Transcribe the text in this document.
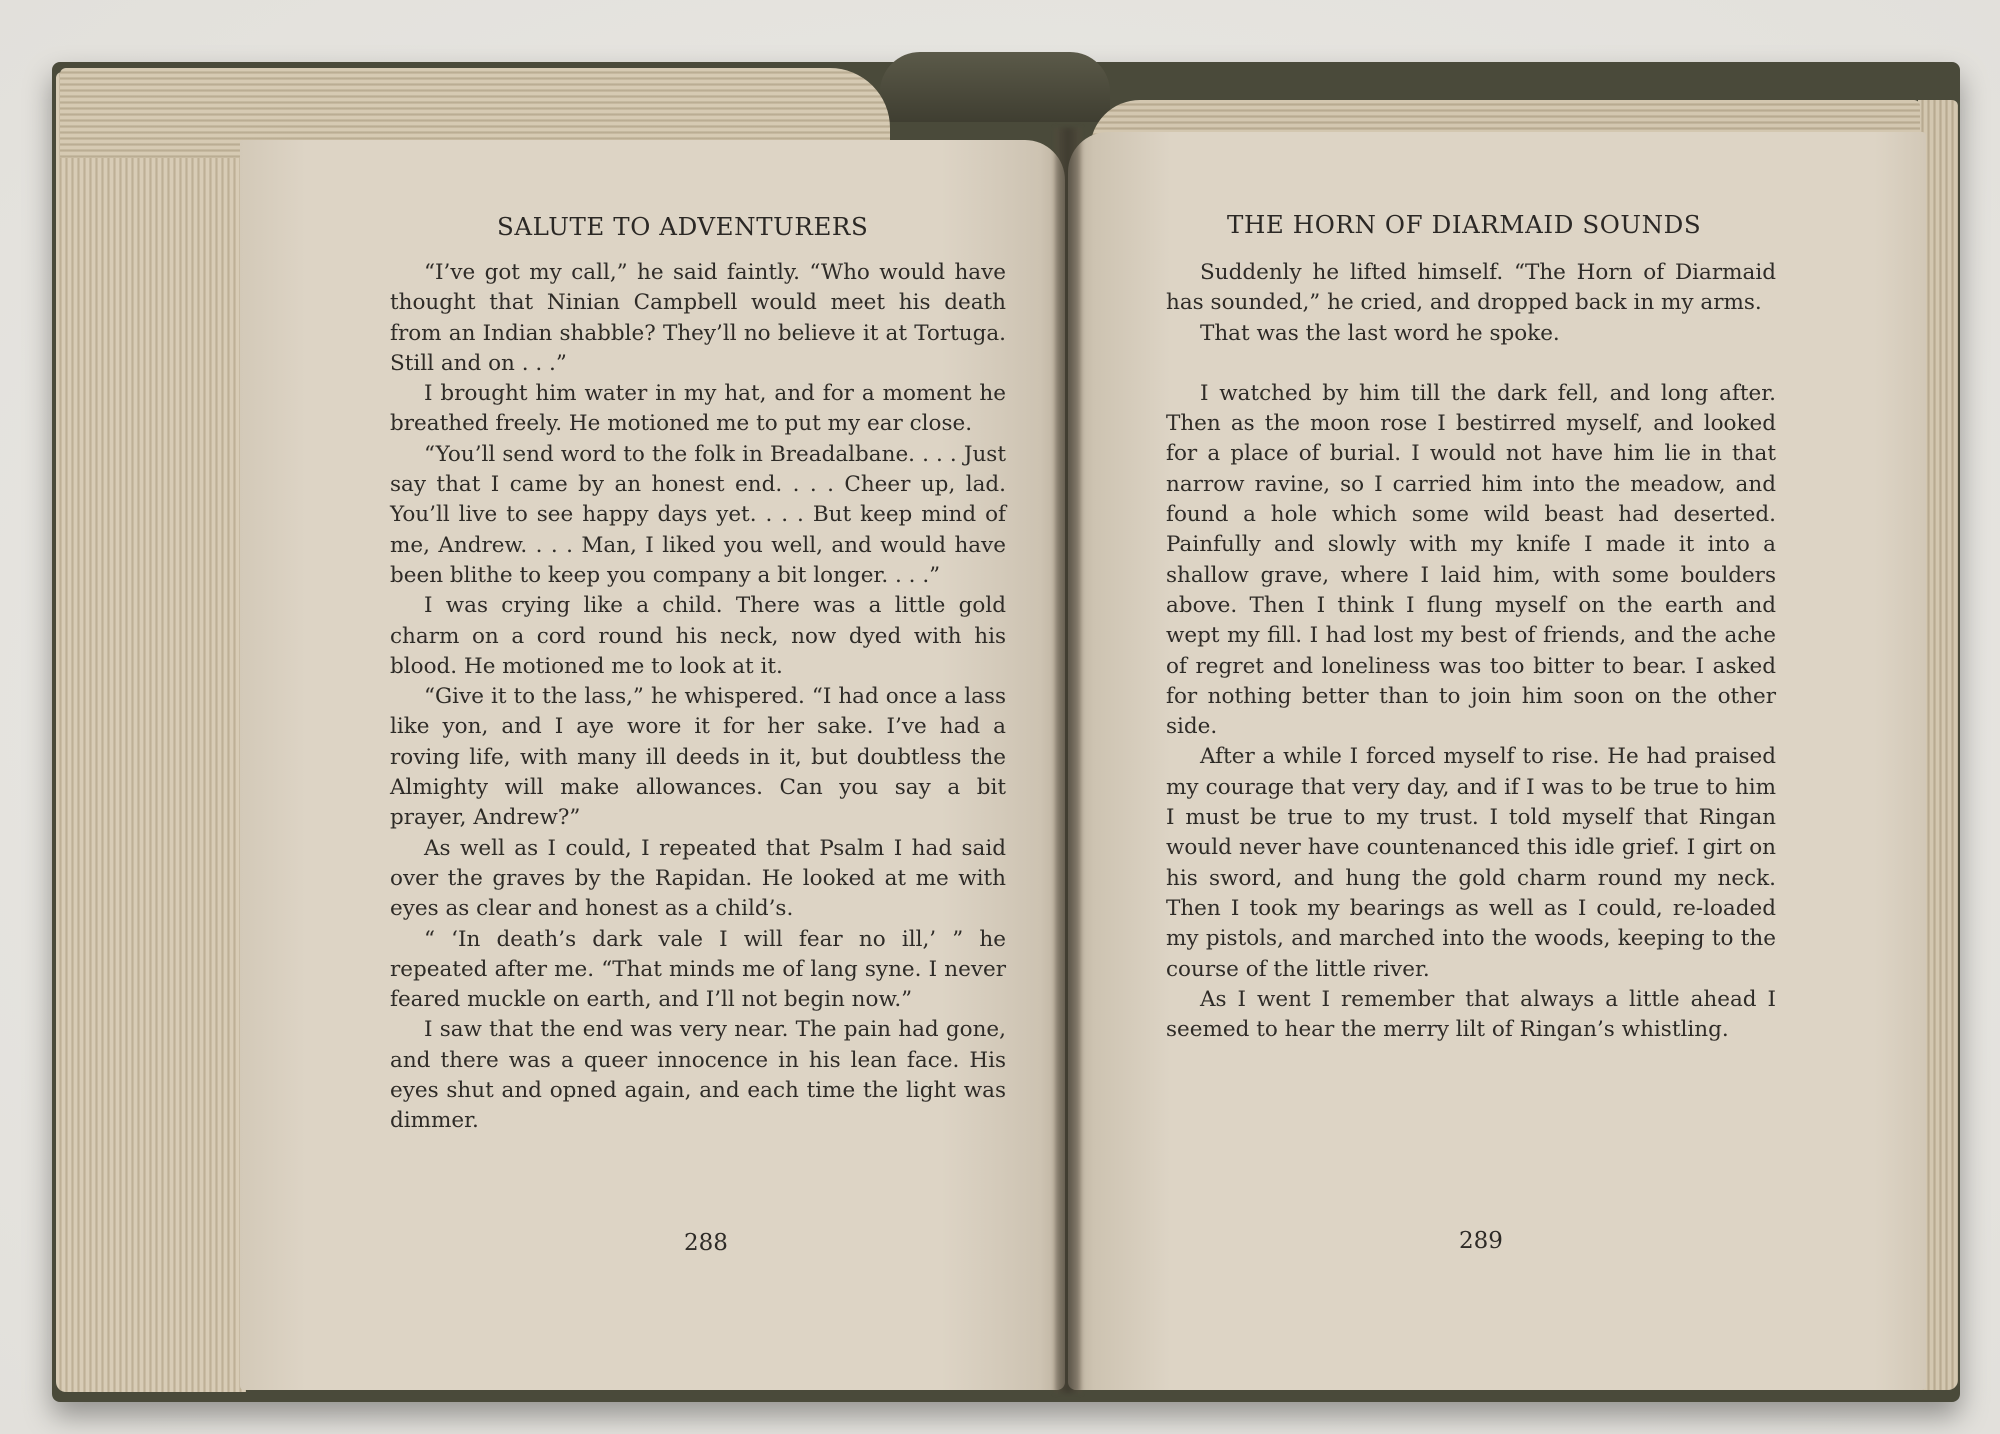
SALUTE TO ADVENTURERS

“I’ve got my call,” he said faintly. “Who would have thought that Ninian Campbell would meet his death from an Indian shabble? They’ll no believe it at Tortuga. Still and on . . .”

I brought him water in my hat, and for a moment he breathed freely. He motioned me to put my ear close.

“You’ll send word to the folk in Breadalbane. . . . Just say that I came by an honest end. . . . Cheer up, lad. You’ll live to see happy days yet. . . . But keep mind of me, Andrew. . . . Man, I liked you well, and would have been blithe to keep you company a bit longer. . . .”

I was crying like a child. There was a little gold charm on a cord round his neck, now dyed with his blood. He motioned me to look at it.

“Give it to the lass,” he whispered. “I had once a lass like yon, and I aye wore it for her sake. I’ve had a roving life, with many ill deeds in it, but doubtless the Almighty will make allowances. Can you say a bit prayer, Andrew?”

As well as I could, I repeated that Psalm I had said over the graves by the Rapidan. He looked at me with eyes as clear and honest as a child’s.

“ ‘In death’s dark vale I will fear no ill,’ ” he repeated after me. “That minds me of lang syne. I never feared muckle on earth, and I’ll not begin now.”

I saw that the end was very near. The pain had gone, and there was a queer innocence in his lean face. His eyes shut and opned again, and each time the light was dimmer.

288
THE HORN OF DIARMAID SOUNDS

Suddenly he lifted himself. “The Horn of Diarmaid has sounded,” he cried, and dropped back in my arms.

That was the last word he spoke.

I watched by him till the dark fell, and long after. Then as the moon rose I bestirred myself, and looked for a place of burial. I would not have him lie in that narrow ravine, so I carried him into the meadow, and found a hole which some wild beast had deserted. Painfully and slowly with my knife I made it into a shallow grave, where I laid him, with some boulders above. Then I think I flung myself on the earth and wept my fill. I had lost my best of friends, and the ache of regret and loneliness was too bitter to bear. I asked for nothing better than to join him soon on the other side.

After a while I forced myself to rise. He had praised my courage that very day, and if I was to be true to him I must be true to my trust. I told myself that Ringan would never have countenanced this idle grief. I girt on his sword, and hung the gold charm round my neck. Then I took my bearings as well as I could, re-loaded my pistols, and marched into the woods, keeping to the course of the little river.

As I went I remember that always a little ahead I seemed to hear the merry lilt of Ringan’s whistling.

289
